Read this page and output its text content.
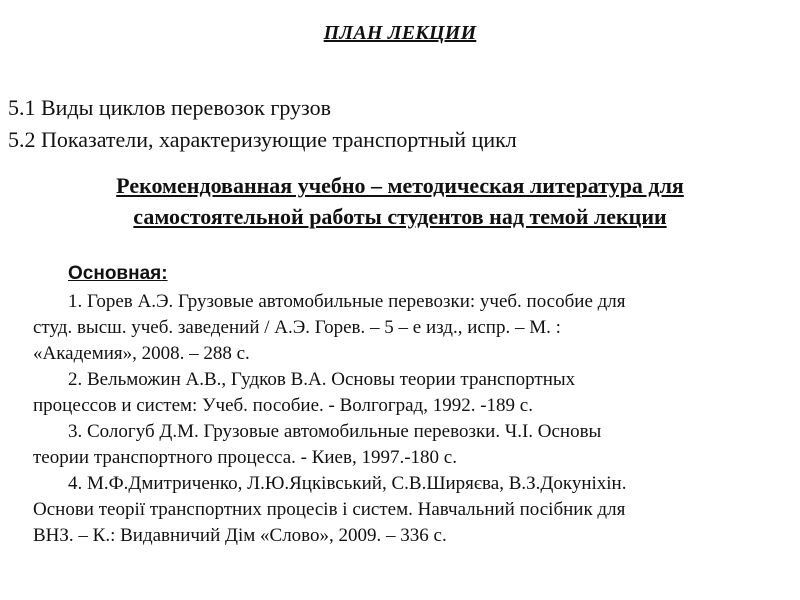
ПЛАН ЛЕКЦИИ
5.1 Виды циклов перевозок грузов
5.2 Показатели, характеризующие транспортный цикл
Рекомендованная учебно – методическая литература для
самостоятельной работы студентов над темой лекции
Основная:
1. Горев А.Э. Грузовые автомобильные перевозки: учеб. пособие для
студ. высш. учеб. заведений / А.Э. Горев. – 5 – е изд., испр. – М. :
«Академия», 2008. – 288 с.
2. Вельможин А.В., Гудков В.А. Основы теории транспортных
процессов и систем: Учеб. пособие. - Волгоград, 1992. -189 с.
3. Сологуб Д.М. Грузовые автомобильные перевозки. Ч.І. Основы
теории транспортного процесса. - Киев, 1997.-180 с.
4. М.Ф.Дмитриченко, Л.Ю.Яцківський, С.В.Ширяєва, В.З.Докуніхін.
Основи теорії транспортних процесів і систем. Навчальний посібник для
ВНЗ. – К.: Видавничий Дім «Слово», 2009. – 336 с.
